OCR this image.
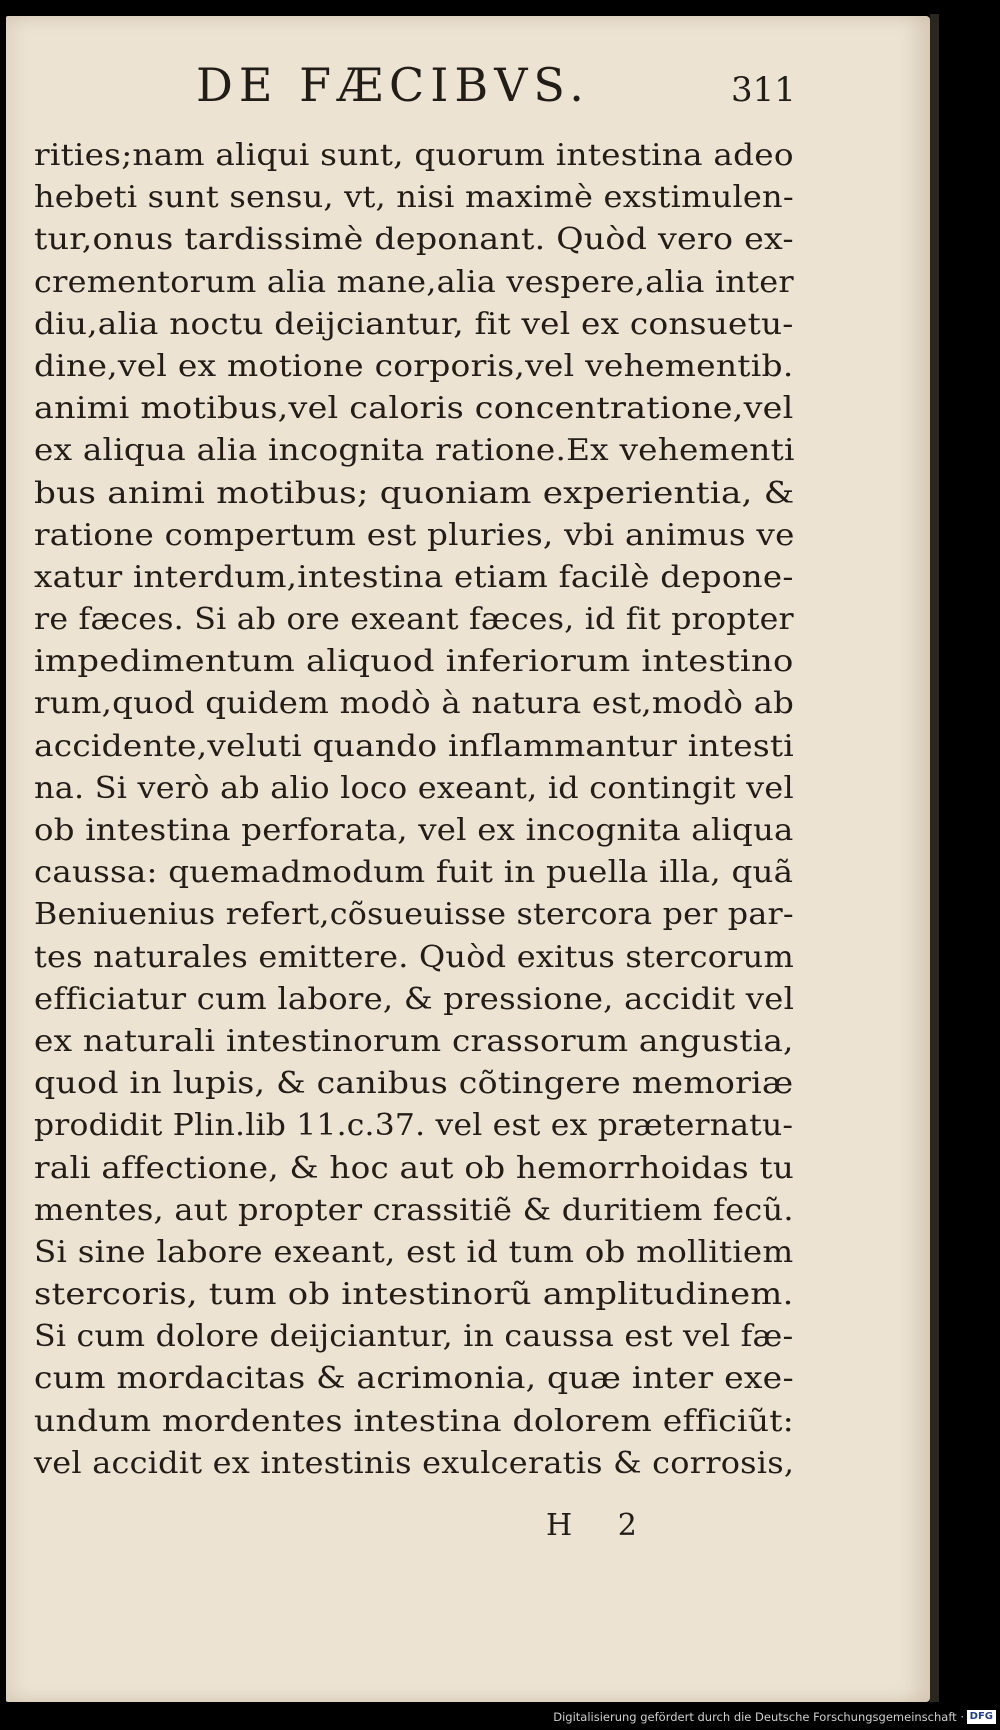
DE FÆCIBVS.	311
rities;nam aliqui sunt, quorum intestina adeo
hebeti sunt sensu, vt, nisi maximè exstimulen-
tur,onus tardissimè deponant. Quòd vero ex-
crementorum alia mane,alia vespere,alia inter
diu,alia noctu deijciantur, fit vel ex consuetu-
dine,vel ex motione corporis,vel vehementib.
animi motibus,vel caloris concentratione,vel
ex aliqua alia incognita ratione.Ex vehementi
bus animi motibus; quoniam experientia, &
ratione compertum est pluries, vbi animus ve
xatur interdum,intestina etiam facilè depone-
re fæces. Si ab ore exeant fæces, id fit propter
impedimentum aliquod inferiorum intestino
rum,quod quidem modò à natura est,modò ab
accidente,veluti quando inflammantur intesti
na. Si verò ab alio loco exeant, id contingit vel
ob intestina perforata, vel ex incognita aliqua
caussa: quemadmodum fuit in puella illa, quã
Beniuenius refert,cõsueuisse stercora per par-
tes naturales emittere. Quòd exitus stercorum
efficiatur cum labore, & pressione, accidit vel
ex naturali intestinorum crassorum angustia,
quod in lupis, & canibus cõtingere memoriæ
prodidit Plin.lib 11.c.37. vel est ex præternatu-
rali affectione, & hoc aut ob hemorrhoidas tu
mentes, aut propter crassitiẽ & duritiem fecũ.
Si sine labore exeant, est id tum ob mollitiem
stercoris, tum ob intestinorũ amplitudinem.
Si cum dolore deijciantur, in caussa est vel fæ-
cum mordacitas & acrimonia, quæ inter exe-
undum mordentes intestina dolorem efficiũt:
vel accidit ex intestinis exulceratis & corrosis,
H 2
Digitalisierung gefördert durch die Deutsche Forschungsgemeinschaft · DFG
